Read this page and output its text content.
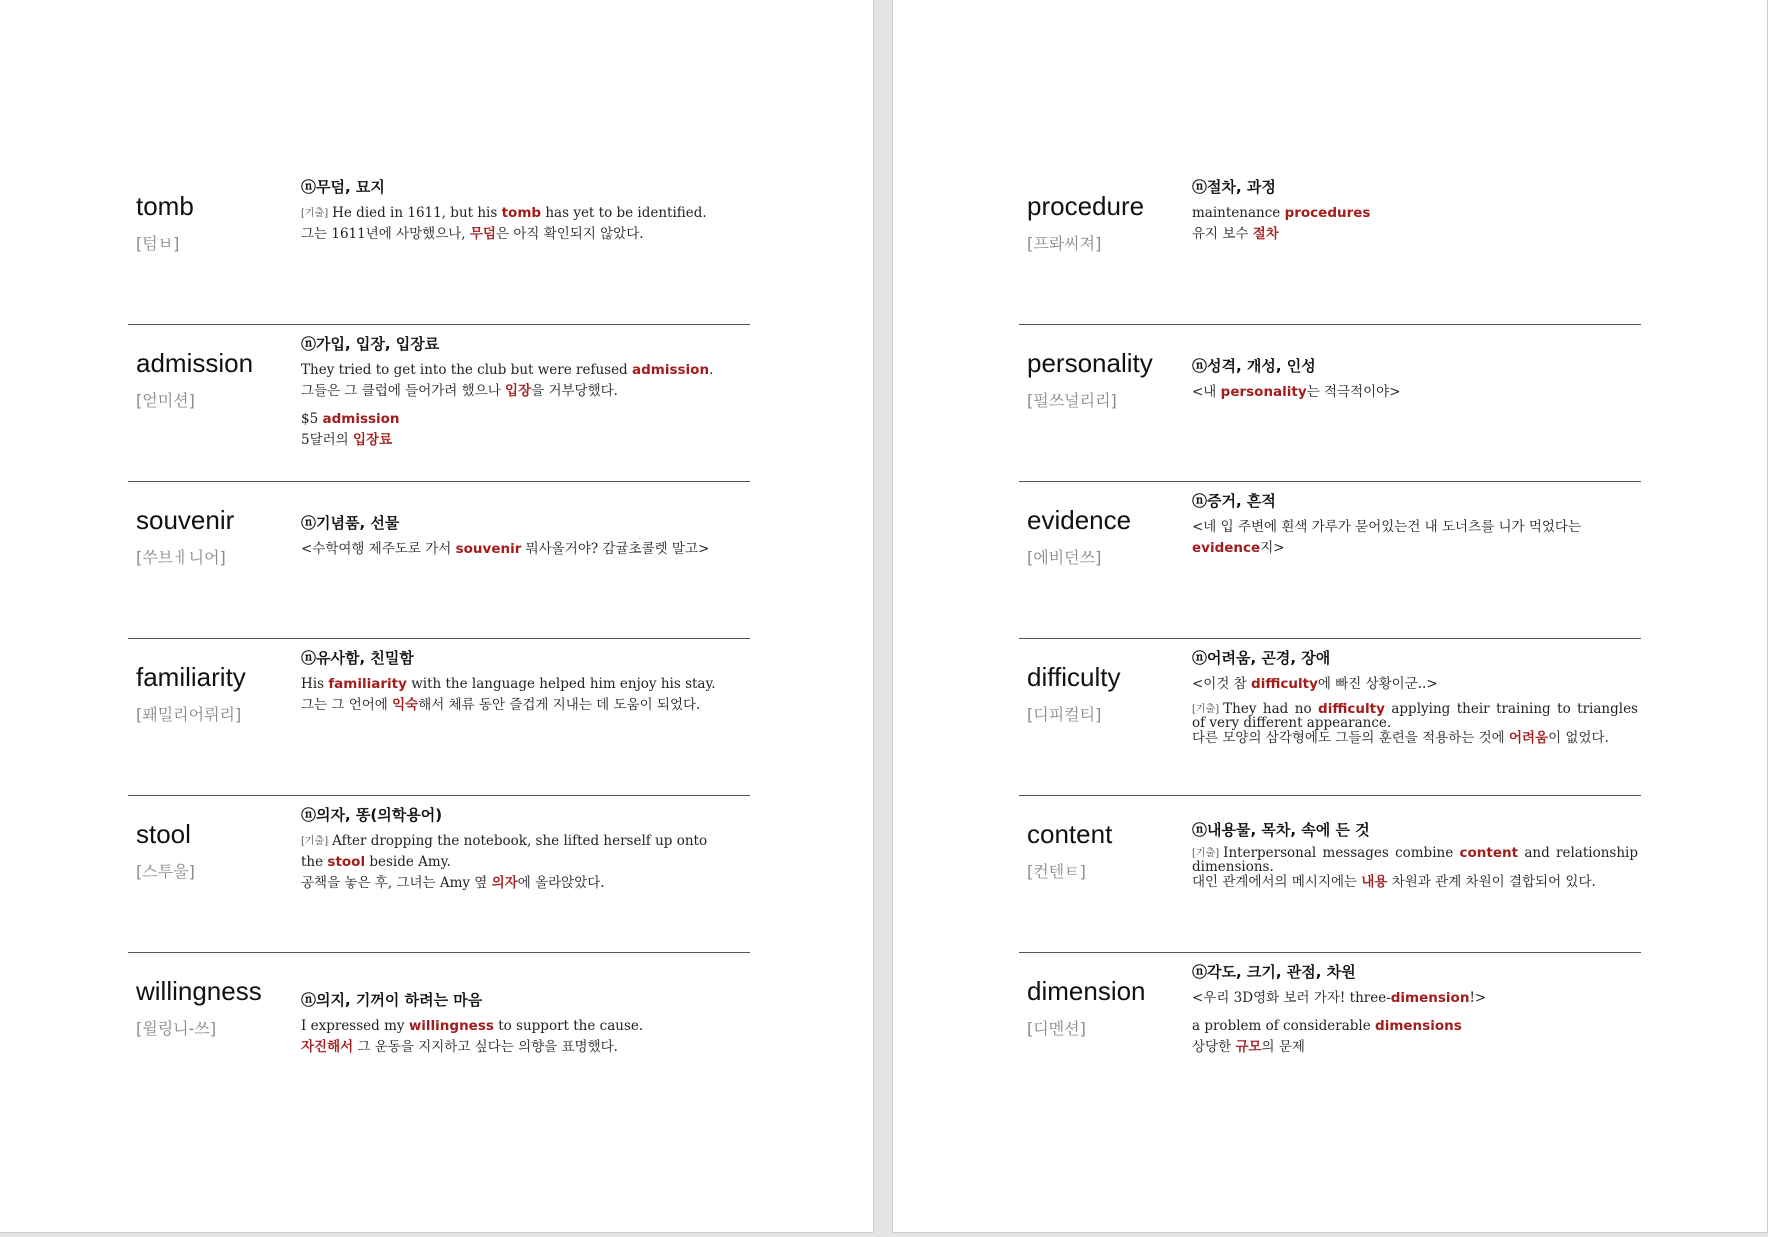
tomb
[텀ㅂ]
ⓝ무덤, 묘지
[기출] He died in 1611, but his tomb has yet to be identified.
그는 1611년에 사망했으나, 무덤은 아직 확인되지 않았다.
admission
[얻미션]
ⓝ가입, 입장, 입장료
They tried to get into the club but were refused admission.
그들은 그 클럽에 들어가려 했으나 입장을 거부당했다.
$5 admission
5달러의 입장료
souvenir
[쑤브ㅔ니어]
ⓝ기념품, 선물
<수학여행 제주도로 가서 souvenir 뭐사올거야? 감귤초콜렛 말고>
familiarity
[퐤밀리어뤼리]
ⓝ유사함, 친밀함
His familiarity with the language helped him enjoy his stay.
그는 그 언어에 익숙해서 체류 동안 즐겁게 지내는 데 도움이 되었다.
stool
[스투울]
ⓝ의자, 똥(의학용어)
[기출] After dropping the notebook, she lifted herself up onto
the stool beside Amy.
공책을 놓은 후, 그녀는 Amy 옆 의자에 올라앉았다.
willingness
[윌링니-쓰]
ⓝ의지, 기꺼이 하려는 마음
I expressed my willingness to support the cause.
자진해서 그 운동을 지지하고 싶다는 의향을 표명했다.
procedure
[프롸씨져]
ⓝ절차, 과정
maintenance procedures
유지 보수 절차
personality
[펄쓰널리리]
ⓝ성격, 개성, 인성
<내 personality는 적극적이야>
evidence
[에비던쓰]
ⓝ증거, 흔적
<네 입 주변에 흰색 가루가 묻어있는건 내 도너츠를 니가 먹었다는
evidence지>
difficulty
[디피컬티]
ⓝ어려움, 곤경, 장애
<이것 참 difficulty에 빠진 상황이군..>
[기출] They had no difficulty applying their training to triangles of very different appearance.
다른 모양의 삼각형에도 그들의 훈련을 적용하는 것에 어려움이 없었다.
content
[컨텐ㅌ]
ⓝ내용물, 목차, 속에 든 것
[기출] Interpersonal messages combine content and relationship dimensions.
대인 관계에서의 메시지에는 내용 차원과 관계 차원이 결합되어 있다.
dimension
[디멘션]
ⓝ각도, 크기, 관점, 차원
<우리 3D영화 보러 가자! three-dimension!>
a problem of considerable dimensions
상당한 규모의 문제
